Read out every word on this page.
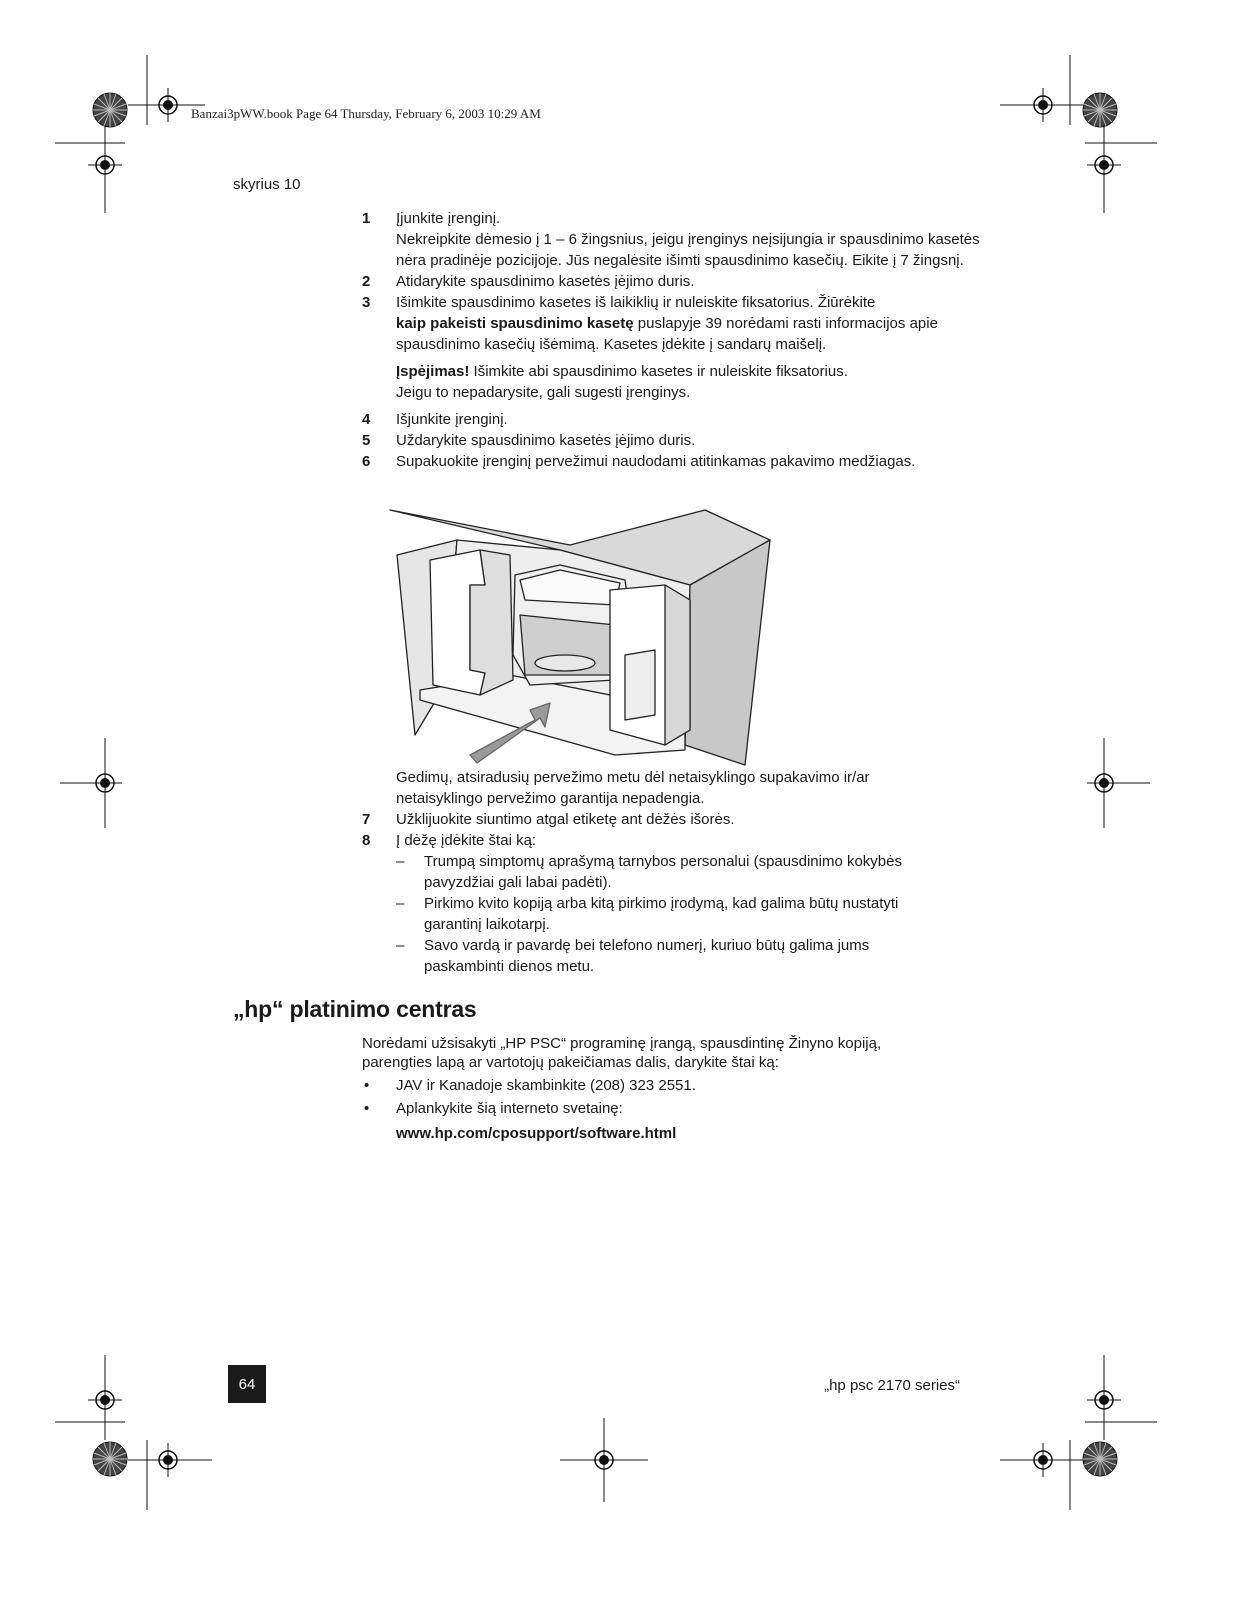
Banzai3pWW.book Page 64 Thursday, February 6, 2003 10:29 AM
skyrius 10
1 Įjunkite įrenginį.
Nekreipkite dėmesio į 1 – 6 žingsnius, jeigu įrenginys neįsijungia ir spausdinimo kasetės nėra pradinėje pozicijoje. Jūs negalėsite išimti spausdinimo kasečių. Eikite į 7 žingsnį.
2 Atidarykite spausdinimo kasetės įėjimo duris.
3 Išimkite spausdinimo kasetes iš laikiklių ir nuleiskite fiksatorius. Žiūrėkite
kaip pakeisti spausdinimo kasetę puslapyje 39 norėdami rasti informacijos apie spausdinimo kasečių išėmimą. Kasetes įdėkite į sandarų maišelį.
Įspėjimas! Išimkite abi spausdinimo kasetes ir nuleiskite fiksatorius. Jeigu to nepadarysite, gali sugesti įrenginys.
4 Išjunkite įrenginį.
5 Uždarykite spausdinimo kasetės įėjimo duris.
6 Supakuokite įrenginį pervežimui naudodami atitinkamas pakavimo medžiagas.
Gedimų, atsiradusių pervežimo metu dėl netaisyklingo supakavimo ir/ar netaisyklingo pervežimo garantija nepadengia.
7 Užklijuokite siuntimo atgal etiketę ant dėžės išorės.
8 Į dėžę įdėkite štai ką:
– Trumpą simptomų aprašymą tarnybos personalui (spausdinimo kokybės pavyzdžiai gali labai padėti).
– Pirkimo kvito kopiją arba kitą pirkimo įrodymą, kad galima būtų nustatyti garantinį laikotarpį.
– Savo vardą ir pavardę bei telefono numerį, kuriuo būtų galima jums paskambinti dienos metu.
„hp“ platinimo centras
Norėdami užsisakyti „HP PSC“ programinę įrangą, spausdintinę Žinyno kopiją, parengties lapą ar vartotojų pakeičiamas dalis, darykite štai ką:
• JAV ir Kanadoje skambinkite (208) 323 2551.
• Aplankykite šią interneto svetainę:
www.hp.com/cposupport/software.html
64	„hp psc 2170 series“
